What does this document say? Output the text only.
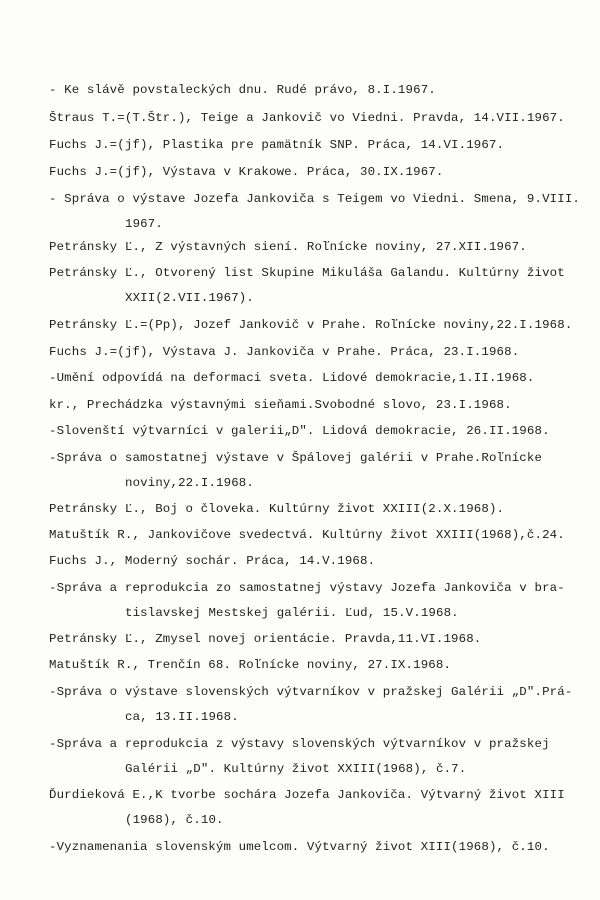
- Ke slávě povstaleckých dnu. Rudé právo, 8.I.1967.
Štraus T.=(T.Štr.), Teige a Jankovič vo Viedni. Pravda, 14.VII.1967.
Fuchs J.=(jf), Plastika pre pamätník SNP. Práca, 14.VI.1967.
Fuchs J.=(jf), Výstava v Krakowe. Práca, 30.IX.1967.
- Správa o výstave Jozefa Jankoviča s Teigem vo Viedni. Smena, 9.VIII.
1967.
Petránsky Ľ., Z výstavných siení. Roľnícke noviny, 27.XII.1967.
Petránsky Ľ., Otvorený list Skupine Mikuláša Galandu. Kultúrny život
XXII(2.VII.1967).
Petránsky Ľ.=(Pp), Jozef Jankovič v Prahe. Roľnícke noviny,22.I.1968.
Fuchs J.=(jf), Výstava J. Jankoviča v Prahe. Práca, 23.I.1968.
-Umění odpovídá na deformaci sveta. Lidové demokracie,1.II.1968.
kr., Prechádzka výstavnými sieňami.Svobodné slovo, 23.I.1968.
-Slovenští výtvarníci v galerii„D". Lidová demokracie, 26.II.1968.
-Správa o samostatnej výstave v Špálovej galérii v Prahe.Roľnícke
noviny,22.I.1968.
Petránsky Ľ., Boj o človeka. Kultúrny život XXIII(2.X.1968).
Matuštík R., Jankovičove svedectvá. Kultúrny život XXIII(1968),č.24.
Fuchs J., Moderný sochár. Práca, 14.V.1968.
-Správa a reprodukcia zo samostatnej výstavy Jozefa Jankoviča v bra-
tislavskej Mestskej galérii. Ľud, 15.V.1968.
Petránsky Ľ., Zmysel novej orientácie. Pravda,11.VI.1968.
Matuštík R., Trenčín 68. Roľnícke noviny, 27.IX.1968.
-Správa o výstave slovenských výtvarníkov v pražskej Galérii „D".Prá-
ca, 13.II.1968.
-Správa a reprodukcia z výstavy slovenských výtvarníkov v pražskej
Galérii „D". Kultúrny život XXIII(1968), č.7.
Ďurdieková E.,K tvorbe sochára Jozefa Jankoviča. Výtvarný život XIII
(1968), č.10.
-Vyznamenania slovenským umelcom. Výtvarný život XIII(1968), č.10.
